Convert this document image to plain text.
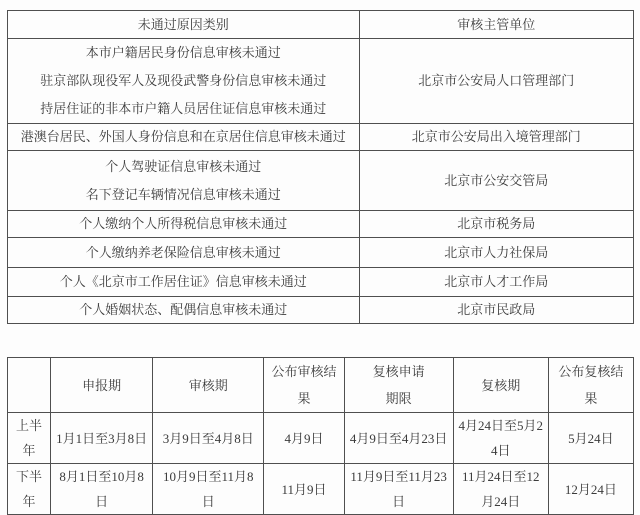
未通过原因类别	审核主管单位

本市户籍居民身份信息审核未通过
驻京部队现役军人及现役武警身份信息审核未通过
持居住证的非本市户籍人员居住证信息审核未通过	北京市公安局人口管理部门
港澳台居民、外国人身份信息和在京居住信息审核未通过	北京市公安局出入境管理部门

个人驾驶证信息审核未通过
名下登记车辆情况信息审核未通过	北京市公安交管局
个人缴纳个人所得税信息审核未通过	北京市税务局
个人缴纳养老保险信息审核未通过	北京市人力社保局
个人《北京市工作居住证》信息审核未通过	北京市人才工作局
个人婚姻状态、配偶信息审核未通过	北京市民政局
	申报期	审核期	公布审核结果	复核申请
期限	复核期	公布复核结果
上半年	1月1日至3月8日	3月9日至4月8日	4月9日	4月9日至4月23日	4月24日至5月24日	5月24日
下半年	8月1日至10月8日	10月9日至11月8日	11月9日	11月9日至11月23日	11月24日至12月24日	12月24日
